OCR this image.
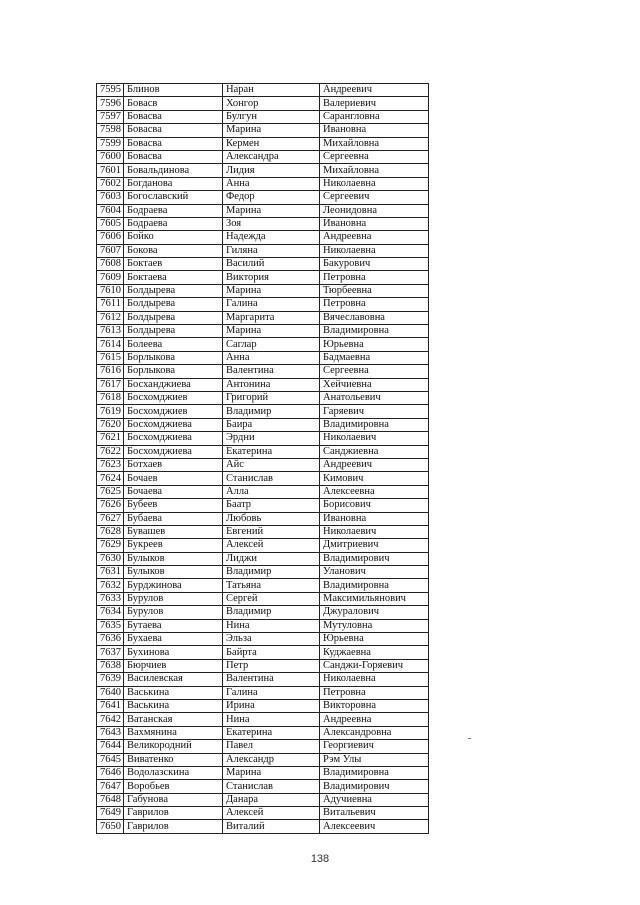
7595	Блинов	Наран	Андреевич
7596	Бовасв	Хонгор	Валериевич
7597	Бовасва	Булгун	Сарангловна
7598	Бовасва	Марина	Ивановна
7599	Бовасва	Кермен	Михайловна
7600	Бовасва	Александра	Сергеевна
7601	Бовальдинова	Лидия	Михайловна
7602	Богданова	Анна	Николаевна
7603	Богославский	Федор	Сергеевич
7604	Бодраева	Марина	Леонидовна
7605	Бодраева	Зоя	Ивановна
7606	Бойко	Надежда	Андреевна
7607	Бокова	Гиляна	Николаевна
7608	Боктаев	Василий	Бакурович
7609	Боктаева	Виктория	Петровна
7610	Болдырева	Марина	Тюрбеевна
7611	Болдырева	Галина	Петровна
7612	Болдырева	Маргарита	Вячеславовна
7613	Болдырева	Марина	Владимировна
7614	Болеева	Саглар	Юрьевна
7615	Борлыкова	Анна	Бадмаевна
7616	Борлыкова	Валентина	Сергеевна
7617	Босханджиева	Антонина	Хейчиевна
7618	Босхомджиев	Григорий	Анатольевич
7619	Босхомджиев	Владимир	Гаряевич
7620	Босхомджиева	Баира	Владимировна
7621	Босхомджиева	Эрдни	Николаевич
7622	Босхомджиева	Екатерина	Санджиевна
7623	Ботхаев	Айс	Андреевич
7624	Бочаев	Станислав	Кимович
7625	Бочаева	Алла	Алексеевна
7626	Бубеев	Баатр	Борисович
7627	Бубаева	Любовь	Ивановна
7628	Бувашев	Евгений	Николаевич
7629	Букреев	Алексей	Дмитриевич
7630	Булыков	Лиджи	Владимирович
7631	Булыков	Владимир	Уланович
7632	Бурджинова	Татьяна	Владимировна
7633	Бурулов	Сергей	Максимильянович
7634	Бурулов	Владимир	Джуралович
7635	Бутаева	Нина	Мутуловна
7636	Бухаева	Эльза	Юрьевна
7637	Бухинова	Байрта	Куджаевна
7638	Бюрчиев	Петр	Санджи-Горяевич
7639	Василевская	Валентина	Николаевна
7640	Васькина	Галина	Петровна
7641	Васькина	Ирина	Викторовна
7642	Ватанская	Нина	Андреевна
7643	Вахмянина	Екатерина	Александровна
7644	Великородний	Павел	Георгиевич
7645	Виватенко	Александр	Рэм Улы
7646	Водолазскина	Марина	Владимировна
7647	Воробьев	Станислав	Владимирович
7648	Габунова	Данара	Адучиевна
7649	Гаврилов	Алексей	Витальевич
7650	Гаврилов	Виталий	Алексеевич
138
